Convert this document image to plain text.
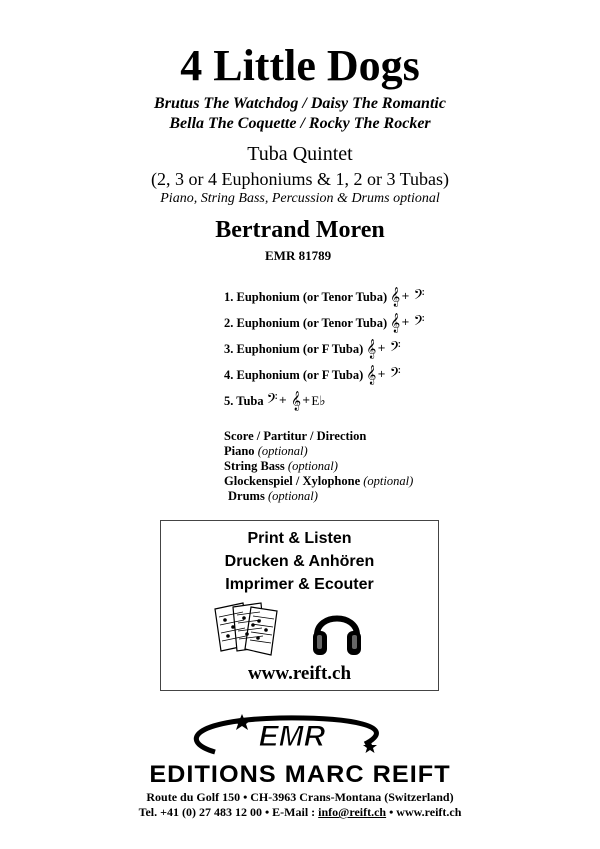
4 Little Dogs
Brutus The Watchdog / Daisy The Romantic
Bella The Coquette / Rocky The Rocker
Tuba Quintet
(2, 3 or 4 Euphoniums & 1, 2 or 3 Tubas)
Piano, String Bass, Percussion & Drums optional
Bertrand Moren
EMR 81789
1. Euphonium (or Tenor Tuba) 𝄞 + 𝄢
2. Euphonium (or Tenor Tuba) 𝄞 + 𝄢
3. Euphonium (or F Tuba) 𝄞 + 𝄢
4. Euphonium (or F Tuba) 𝄞 + 𝄢
5. Tuba 𝄢 + 𝄞 + E♭
Score / Partitur / Direction
Piano (optional)
String Bass (optional)
Glockenspiel / Xylophone (optional)
Drums (optional)
Print & Listen
Drucken & Anhören
Imprimer & Ecouter
www.reift.ch
EMR
EDITIONS MARC REIFT
Route du Golf 150 • CH-3963 Crans-Montana (Switzerland)
Tel. +41 (0) 27 483 12 00 • E-Mail : info@reift.ch • www.reift.ch
